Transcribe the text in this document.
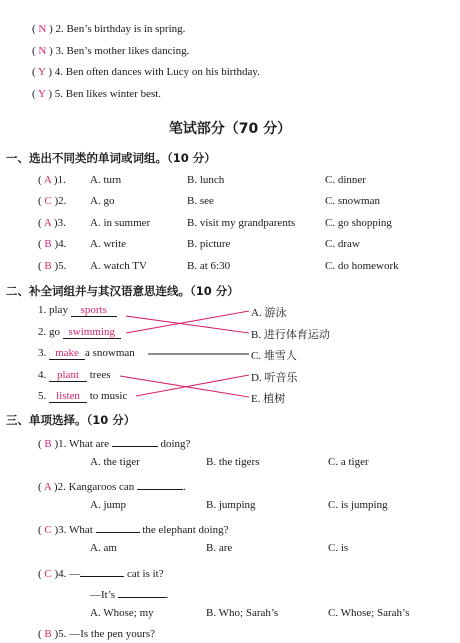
( N ) 2. Ben’s birthday is in spring.
( N ) 3. Ben’s mother likes dancing.
( Y ) 4. Ben often dances with Lucy on his birthday.
( Y ) 5. Ben likes winter best.
笔试部分（70 分）
一、选出不同类的单词或词组。（10 分）
( A )1. A. turn	B. lunch	C. dinner
( C )2. A. go	B. see	C. snowman
( A )3. A. in summer	B. visit my grandparents	C. go shopping
( B )4. A. write	B. picture	C. draw
( B )5. A. watch TV	B. at 6:30	C. do homework
二、补全词组并与其汉语意思连线。（10 分）
1. play sports
2. go swimming
3. make a snowman
4. plant trees
5. listen to music
A. 游泳
B. 进行体育运动
C. 堆雪人
D. 听音乐
E. 植树
三、单项选择。（10 分）
( B )1. What are	doing?
A. the tiger	B. the tigers	C. a tiger
( A )2. Kangaroos can	.
A. jump	B. jumping	C. is jumping
( C )3. What	the elephant doing?
A. am	B. are	C. is
( C )4. —	cat is it?
—It’s	.
A. Whose; my	B. Who; Sarah’s	C. Whose; Sarah’s
( B )5. —Is the pen yours?
